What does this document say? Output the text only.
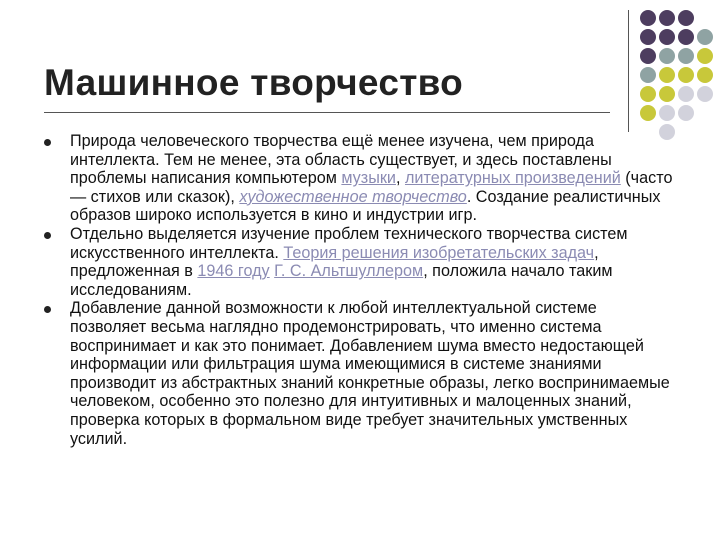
Машинное творчество
Природа человеческого творчества ещё менее изучена, чем природа интеллекта. Тем не менее, эта область существует, и здесь поставлены проблемы написания компьютером музыки, литературных произведений (часто — стихов или сказок), художественное творчество. Создание реалистичных образов широко используется в кино и индустрии игр.
Отдельно выделяется изучение проблем технического творчества систем искусственного интеллекта. Теория решения изобретательских задач, предложенная в 1946 году Г. С. Альтшуллером, положила начало таким исследованиям.
Добавление данной возможности к любой интеллектуальной системе позволяет весьма наглядно продемонстрировать, что именно система воспринимает и как это понимает. Добавлением шума вместо недостающей информации или фильтрация шума имеющимися в системе знаниями производит из абстрактных знаний конкретные образы, легко воспринимаемые человеком, особенно это полезно для интуитивных и малоценных знаний, проверка которых в формальном виде требует значительных умственных усилий.
